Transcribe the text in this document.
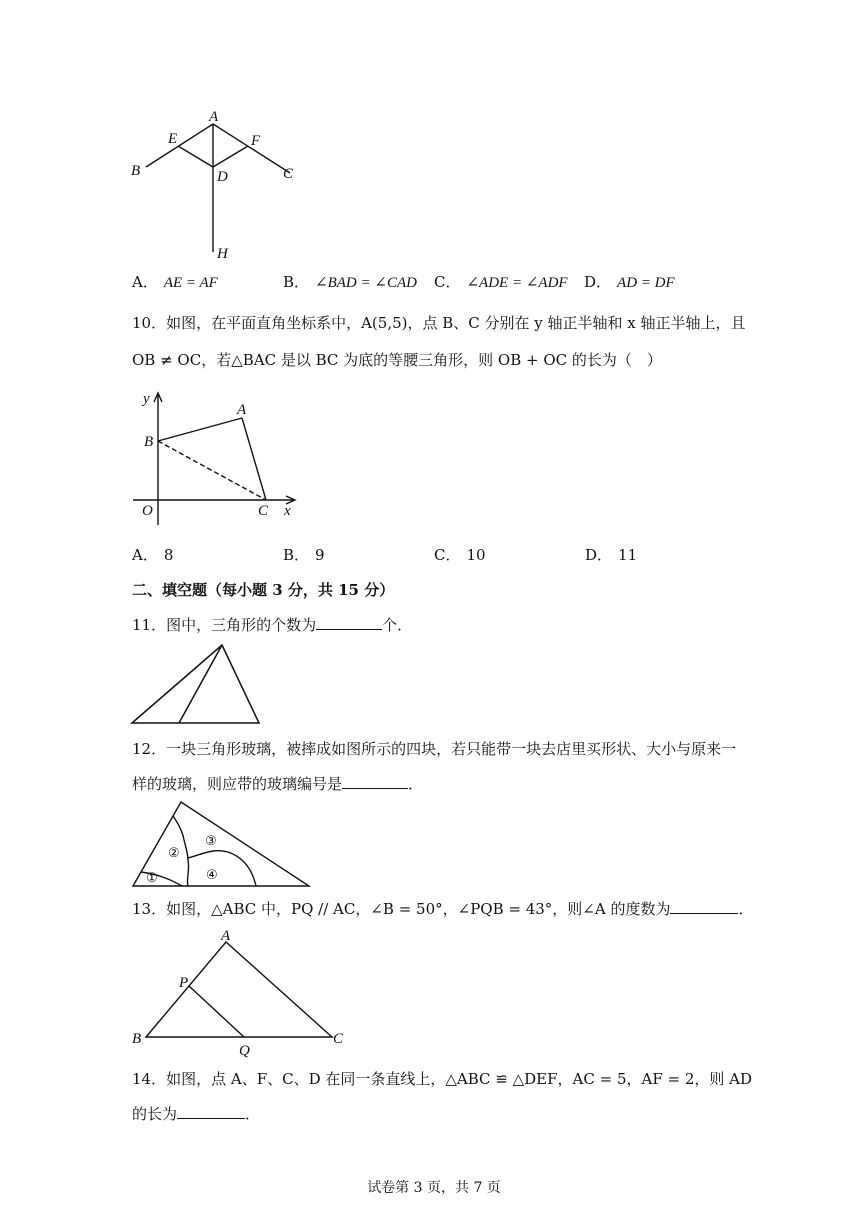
A
E	F
B	D	C
H
A． AE = AF	B． ∠BAD = ∠CAD C． ∠ADE = ∠ADF D． AD = DF
10．如图，在平面直角坐标系中，A(5,5)，点 B、C 分别在 y 轴正半轴和 x 轴正半轴上，且
OB ≠ OC，若△BAC 是以 BC 为底的等腰三角形，则 OB + OC 的长为（　）
y
A
B
O	C x
A． 8	B． 9	C． 10	D． 11
二、填空题（每小题 3 分，共 15 分）
11．图中，三角形的个数为	个．
12．一块三角形玻璃，被摔成如图所示的四块，若只能带一块去店里买形状、大小与原来一
样的玻璃，则应带的玻璃编号是	．
①
②
③
④
13．如图，△ABC 中，PQ // AC，∠B = 50°，∠PQB = 43°，则∠A 的度数为	．
A
P
B
Q
C
14．如图，点 A、F、C、D 在同一条直线上，△ABC ≌ △DEF，AC = 5，AF = 2，则 AD
的长为	．
试卷第 3 页，共 7 页
